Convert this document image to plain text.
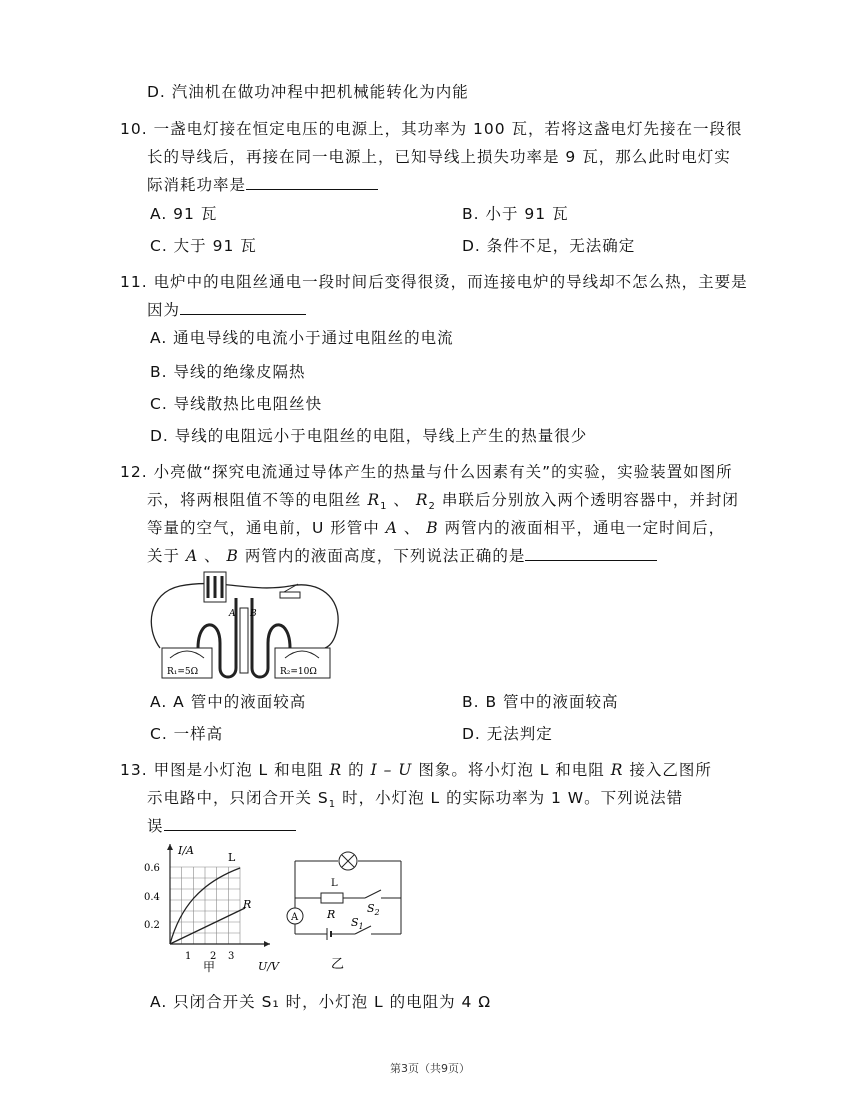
D. 汽油机在做功冲程中把机械能转化为内能
10. 一盏电灯接在恒定电压的电源上，其功率为 100 瓦，若将这盏电灯先接在一段很
长的导线后，再接在同一电源上，已知导线上损失功率是 9 瓦，那么此时电灯实
际消耗功率是
A. 91 瓦	B. 小于 91 瓦
C. 大于 91 瓦	D. 条件不足，无法确定
11. 电炉中的电阻丝通电一段时间后变得很烫，而连接电炉的导线却不怎么热，主要是
因为
A. 通电导线的电流小于通过电阻丝的电流
B. 导线的绝缘皮隔热
C. 导线散热比电阻丝快
D. 导线的电阻远小于电阻丝的电阻，导线上产生的热量很少
12. 小亮做“探究电流通过导体产生的热量与什么因素有关”的实验，实验装置如图所
示，将两根阻值不等的电阻丝 $R_1$ 、 $R_2$ 串联后分别放入两个透明容器中，并封闭
等量的空气，通电前，U 形管中 A 、 B 两管内的液面相平，通电一定时间后，
关于 A 、 B 两管内的液面高度，下列说法正确的是
R₁=5Ω	R₂=10Ω
A B
A. A 管中的液面较高	B. B 管中的液面较高
C. 一样高	D. 无法判定
13. 甲图是小灯泡 L 和电阻 R 的 I – U 图象。将小灯泡 L 和电阻 R 接入乙图所
示电路中，只闭合开关 $S_1$ 时，小灯泡 L 的实际功率为 1 W。下列说法错
误
I/A
U/V
0.6
0.4
0.2
1 2 3
L
R
甲
L
R	$S_2$
A	$S_1$
乙
A. 只闭合开关 S₁ 时，小灯泡 L 的电阻为 4 Ω
第3页（共9页）
